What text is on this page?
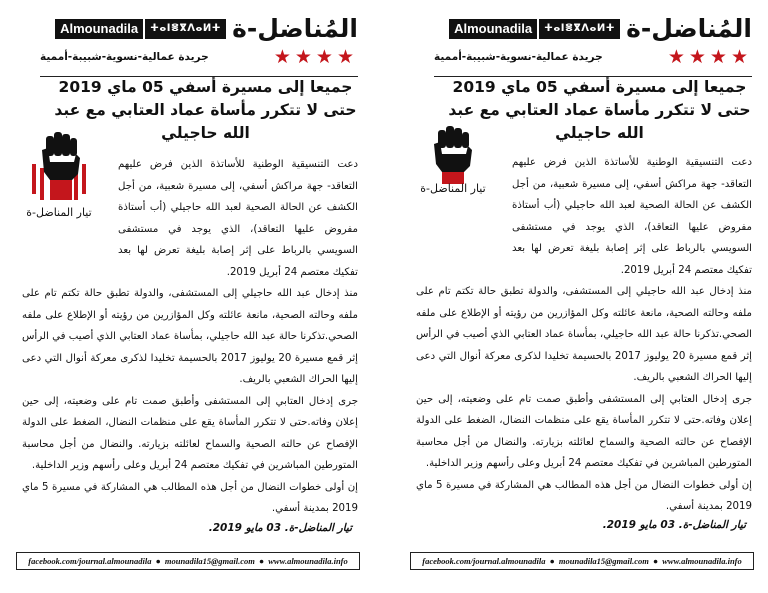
Almounadila	ⵜⴰⵏⴻⴳⴷⴰⵍⵜ المُناضل-ة
جريدة عمالية-نسوية-شبيبة-أممية	★★★★
جميعا إلى مسيرة أسفي 05 ماي 2019 حتى لا تتكرر مأساة عماد العتابي مع عبد الله حاجيلي
تيار المناضل-ة

دعت التنسيقية الوطنية للأساتذة الذين فرض عليهم التعاقد- جهة مراكش أسفي، إلى مسيرة شعبية، من أجل الكشف عن الحالة الصحية لعبد الله حاجيلي (أب أستاذة مفروض عليها التعاقد)، الذي يوجد في مستشفى السويسي بالرباط على إثر إصابة بليغة تعرض لها بعد تفكيك معتصم 24 أبريل 2019.

منذ إدخال عبد الله حاجيلي إلى المستشفى، والدولة تطبق حالة تكتم تام على ملفه وحالته الصحية، مانعة عائلته وكل المؤازرين من رؤيته أو الإطلاع على ملفه الصحي.تذكرنا حالة عبد الله حاجيلي، بمأساة عماد العتابي الذي أصيب في الرأس إثر قمع مسيرة 20 يوليوز 2017 بالحسيمة تخليدا لذكرى معركة أنوال التي دعى إليها الحراك الشعبي بالريف.

جرى إدخال العتابي إلى المستشفى وأطبق صمت تام على وضعيته، إلى حين إعلان وفاته.حتى لا تتكرر المأساة يقع على منظمات النضال، الضغط على الدولة الإفصاح عن حالته الصحية والسماح لعائلته بزيارته. والنضال من أجل محاسبة المتورطين المباشرين في تفكيك معتصم 24 أبريل وعلى رأسهم وزير الداخلية.

إن أولى خطوات النضال من أجل هذه المطالب هي المشاركة في مسيرة 5 ماي 2019 بمدينة أسفي.

تيار المناضل-ة. 03 مايو 2019.
facebook.com/journal.almounadila ● mounadila15@gmail.com ● www.almounadila.info
Almounadila	ⵜⴰⵏⴻⴳⴷⴰⵍⵜ المُناضل-ة
جريدة عمالية-نسوية-شبيبة-أممية	★★★★
جميعا إلى مسيرة أسفي 05 ماي 2019 حتى لا تتكرر مأساة عماد العتابي مع عبد الله حاجيلي
تيار المناضل-ة

دعت التنسيقية الوطنية للأساتذة الذين فرض عليهم التعاقد- جهة مراكش أسفي، إلى مسيرة شعبية، من أجل الكشف عن الحالة الصحية لعبد الله حاجيلي (أب أستاذة مفروض عليها التعاقد)، الذي يوجد في مستشفى السويسي بالرباط على إثر إصابة بليغة تعرض لها بعد تفكيك معتصم 24 أبريل 2019.

منذ إدخال عبد الله حاجيلي إلى المستشفى، والدولة تطبق حالة تكتم تام على ملفه وحالته الصحية، مانعة عائلته وكل المؤازرين من رؤيته أو الإطلاع على ملفه الصحي.تذكرنا حالة عبد الله حاجيلي، بمأساة عماد العتابي الذي أصيب في الرأس إثر قمع مسيرة 20 يوليوز 2017 بالحسيمة تخليدا لذكرى معركة أنوال التي دعى إليها الحراك الشعبي بالريف.

جرى إدخال العتابي إلى المستشفى وأطبق صمت تام على وضعيته، إلى حين إعلان وفاته.حتى لا تتكرر المأساة يقع على منظمات النضال، الضغط على الدولة الإفصاح عن حالته الصحية والسماح لعائلته بزيارته. والنضال من أجل محاسبة المتورطين المباشرين في تفكيك معتصم 24 أبريل وعلى رأسهم وزير الداخلية.

إن أولى خطوات النضال من أجل هذه المطالب هي المشاركة في مسيرة 5 ماي 2019 بمدينة أسفي.

تيار المناضل-ة. 03 مايو 2019.
facebook.com/journal.almounadila ● mounadila15@gmail.com ● www.almounadila.info
